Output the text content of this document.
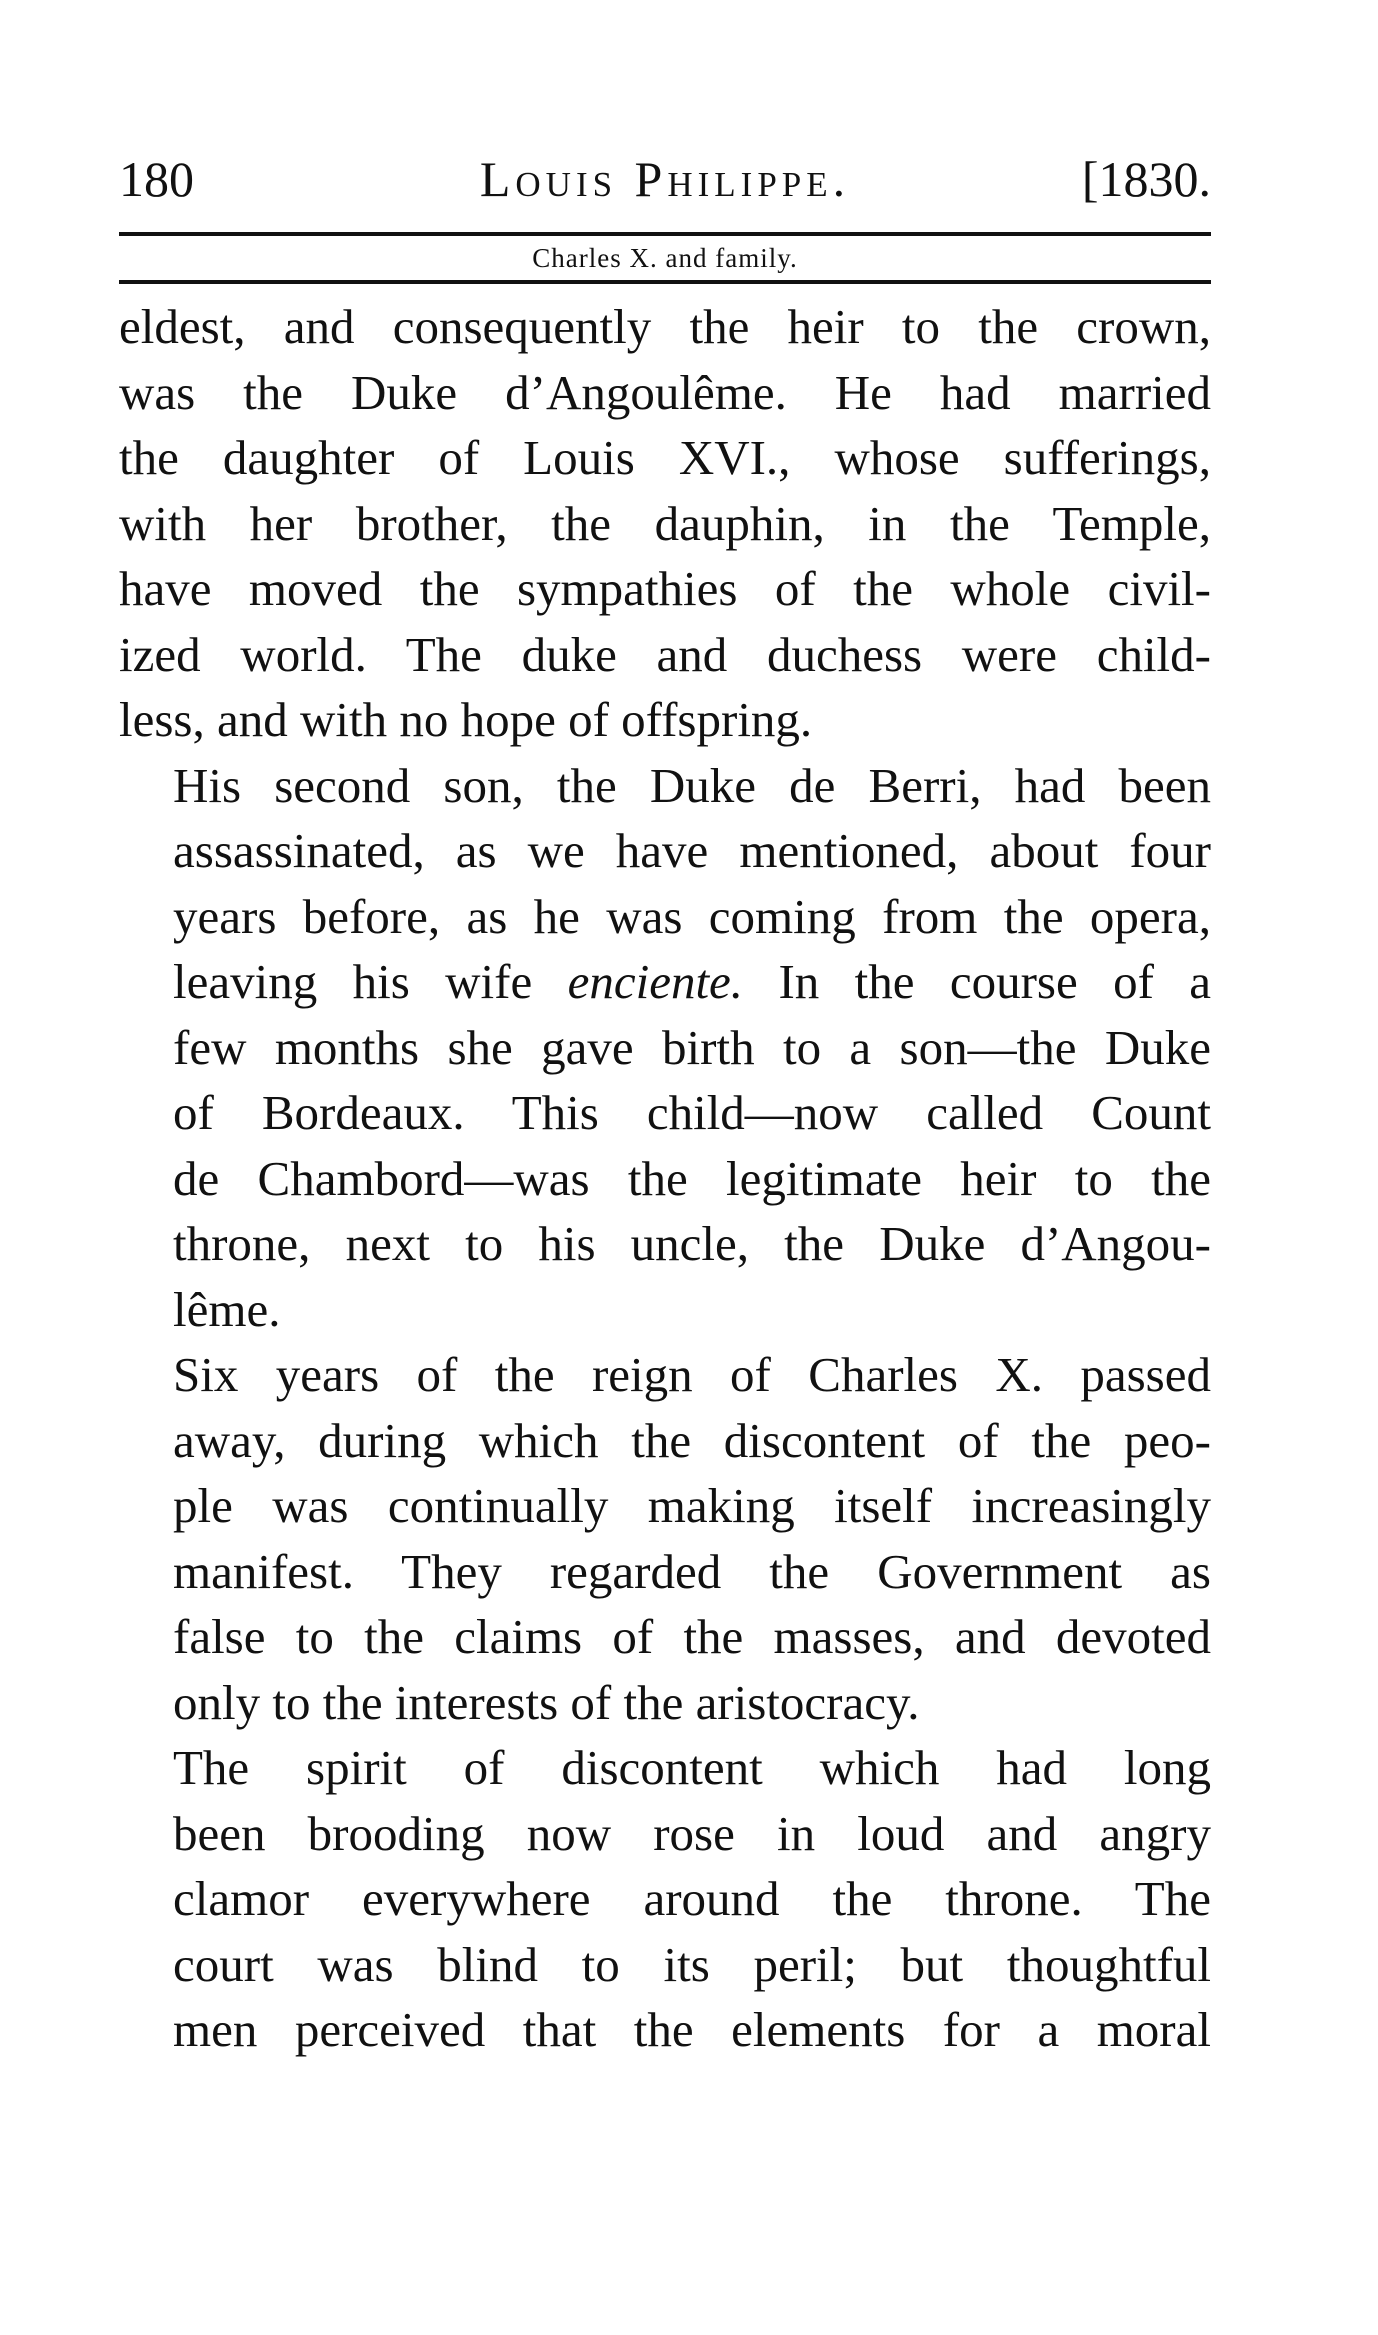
180	Louis Philippe.	[1830.
Charles X. and family.
eldest, and consequently the heir to the crown,
was the Duke d’Angoulême. He had married
the daughter of Louis XVI., whose sufferings,
with her brother, the dauphin, in the Temple,
have moved the sympathies of the whole civil-
ized world. The duke and duchess were child-
less, and with no hope of offspring.
His second son, the Duke de Berri, had been
assassinated, as we have mentioned, about four
years before, as he was coming from the opera,
leaving his wife enciente. In the course of a
few months she gave birth to a son—the Duke
of Bordeaux. This child—now called Count
de Chambord—was the legitimate heir to the
throne, next to his uncle, the Duke d’Angou-
lême.
Six years of the reign of Charles X. passed
away, during which the discontent of the peo-
ple was continually making itself increasingly
manifest. They regarded the Government as
false to the claims of the masses, and devoted
only to the interests of the aristocracy.
The spirit of discontent which had long
been brooding now rose in loud and angry
clamor everywhere around the throne. The
court was blind to its peril; but thoughtful
men perceived that the elements for a moral
